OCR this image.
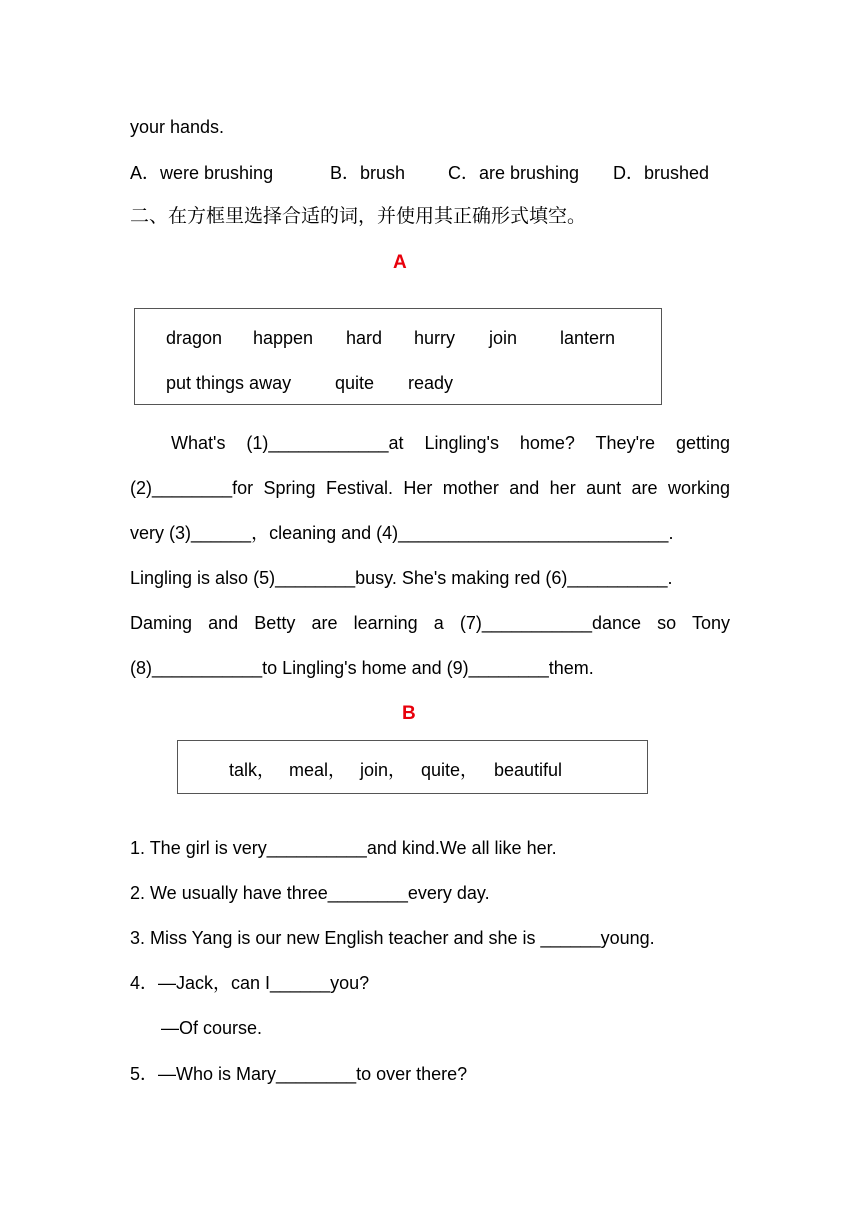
your hands.
A．were brushing	B．brush C．are brushing D．brushed
二、在方框里选择合适的词，并使用其正确形式填空。
A
dragon happen hard hurry join lantern
put things away quite ready
What's (1)____________at Lingling's home? They're getting
(2)________for Spring Festival. Her mother and her aunt are working
very (3)______，cleaning and (4)___________________________.
Lingling is also (5)________busy. She's making red (6)__________.
Daming and Betty are learning a (7)___________dance so Tony
(8)___________to Lingling's home and (9)________them.
B
talk， meal， join， quite， beautiful
1. The girl is very__________and kind.We all like her.
2. We usually have three________every day.
3. Miss Yang is our new English teacher and she is ______young.
4．—Jack，can I______you?
—Of course.
5．—Who is Mary________to over there?
